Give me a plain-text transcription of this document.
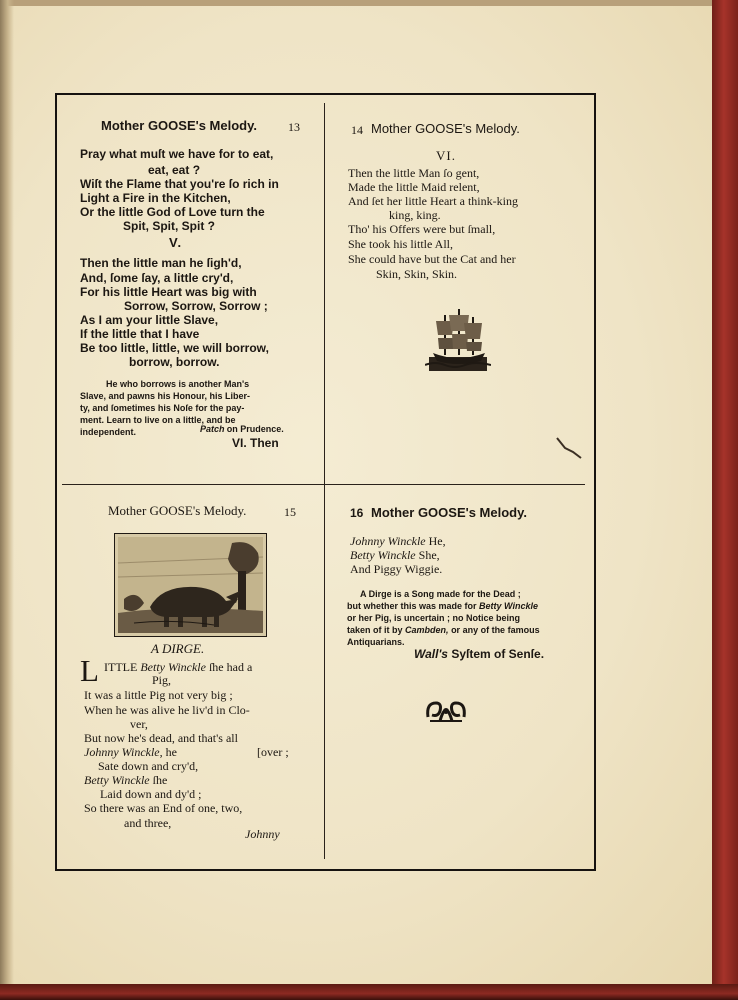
Mother GOOSE's Melody.	13
Pray what muſt we have for to eat,
eat, eat ?
Wiſt the Flame that you're ſo rich in
Light a Fire in the Kitchen,
Or the little God of Love turn the
Spit, Spit, Spit ?
V.
Then the little man he ſigh'd,
And, ſome ſay, a little cry'd,
For his little Heart was big with
Sorrow, Sorrow, Sorrow ;
As I am your little Slave,
If the little that I have
Be too little, little, we will borrow,
borrow, borrow.
He who borrows is another Man's
Slave, and pawns his Honour, his Liber-
ty, and ſometimes his Noſe for the pay-
ment. Learn to live on a little, and be
independent.	Patch on Prudence.
VI. Then
14 Mother GOOSE's Melody.
VI.
Then the little Man ſo gent,
Made the little Maid relent,
And ſet her little Heart a think-king
king, king.
Tho' his Offers were but ſmall,
She took his little All,
She could have but the Cat and her
Skin, Skin, Skin.
Mother GOOSE's Melody.	15
A DIRGE.
L ITTLE Betty Winckle ſhe had a
Pig,
It was a little Pig not very big ;
When he was alive he liv'd in Clo-
ver,
But now he's dead, and that's all
Johnny Winckle, he	[over ;
Sate down and cry'd,
Betty Winckle ſhe
Laid down and dy'd ;
So there was an End of one, two,
and three,
Johnny
16 Mother GOOSE's Melody.
Johnny Winckle He,
Betty Winckle She,
And Piggy Wiggie.
A Dirge is a Song made for the Dead ;
but whether this was made for Betty Winckle
or her Pig, is uncertain ; no Notice being
taken of it by Cambden, or any of the famous
Antiquarians.
Wall's Syſtem of Senſe.
